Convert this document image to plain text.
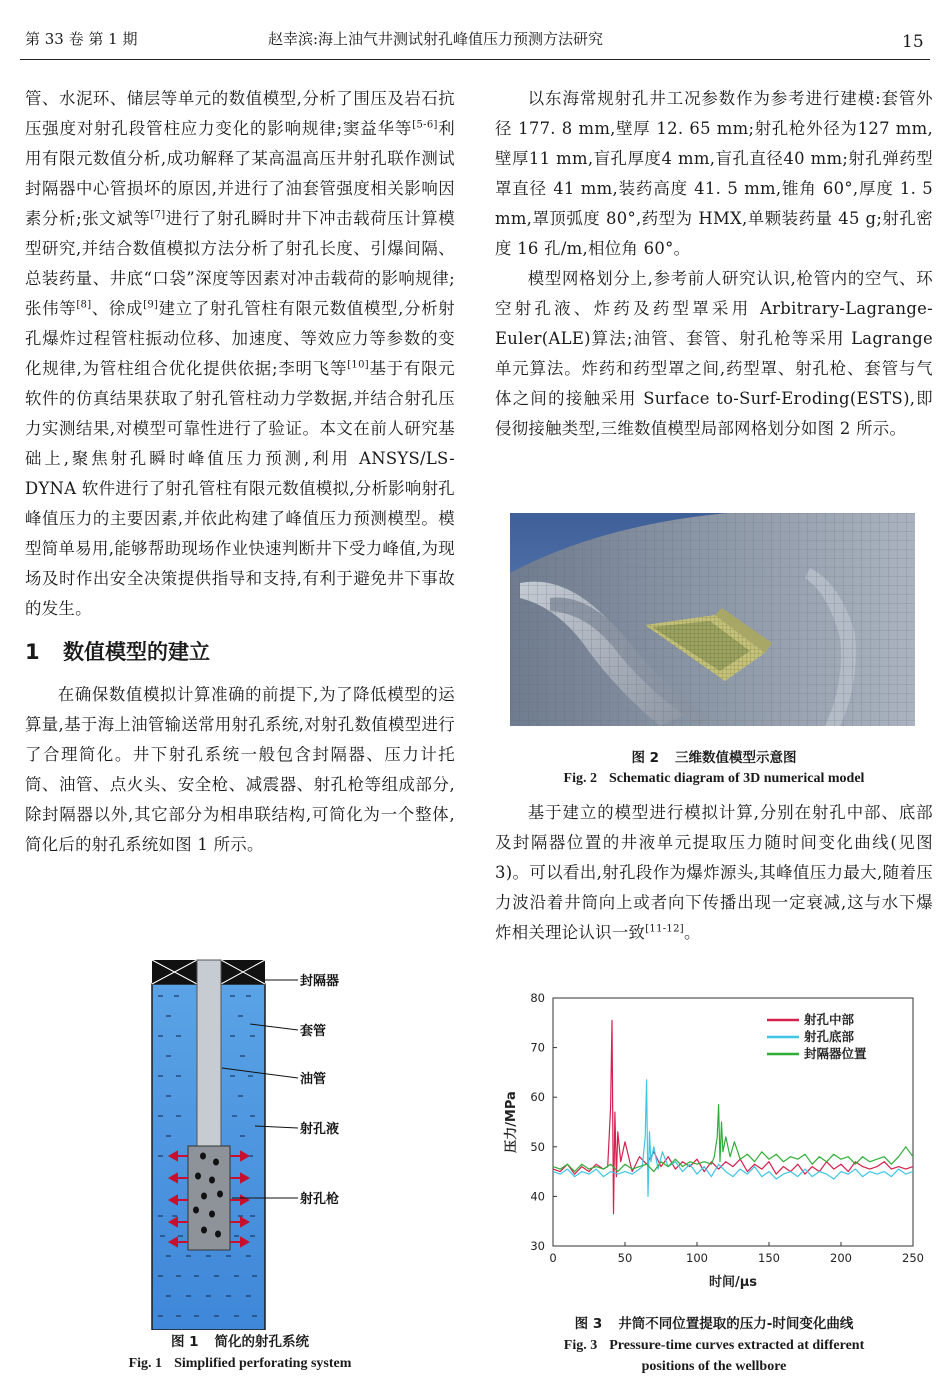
第 33 卷 第 1 期	赵幸滨:海上油气井测试射孔峰值压力预测方法研究	15

管、水泥环、储层等单元的数值模型,分析了围压及岩石抗压强度对射孔段管柱应力变化的影响规律;窦益华等[5-6]利用有限元数值分析,成功解释了某高温高压井射孔联作测试封隔器中心管损坏的原因,并进行了油套管强度相关影响因素分析;张文斌等[7]进行了射孔瞬时井下冲击载荷压计算模型研究,并结合数值模拟方法分析了射孔长度、引爆间隔、总装药量、井底“口袋”深度等因素对冲击载荷的影响规律;张伟等[8]、徐成[9]建立了射孔管柱有限元数值模型,分析射孔爆炸过程管柱振动位移、加速度、等效应力等参数的变化规律,为管柱组合优化提供依据;李明飞等[10]基于有限元软件的仿真结果获取了射孔管柱动力学数据,并结合射孔压力实测结果,对模型可靠性进行了验证。本文在前人研究基础上,聚焦射孔瞬时峰值压力预测,利用 ANSYS/LS-DYNA 软件进行了射孔管柱有限元数值模拟,分析影响射孔峰值压力的主要因素,并依此构建了峰值压力预测模型。模型简单易用,能够帮助现场作业快速判断井下受力峰值,为现场及时作出安全决策提供指导和支持,有利于避免井下事故的发生。

1 数值模型的建立

在确保数值模拟计算准确的前提下,为了降低模型的运算量,基于海上油管输送常用射孔系统,对射孔数值模型进行了合理简化。井下射孔系统一般包含封隔器、压力计托筒、油管、点火头、安全枪、减震器、射孔枪等组成部分,除封隔器以外,其它部分为相串联结构,可简化为一个整体,简化后的射孔系统如图 1 所示。

封隔器
套管
油管
射孔液
射孔枪
图 1 简化的射孔系统
Fig. 1 Simplified perforating system

以东海常规射孔井工况参数作为参考进行建模:套管外径 177. 8 mm,壁厚 12. 65 mm;射孔枪外径为127 mm,壁厚11 mm,盲孔厚度4 mm,盲孔直径40 mm;射孔弹药型罩直径 41 mm,装药高度 41. 5 mm,锥角 60°,厚度 1. 5 mm,罩顶弧度 80°,药型为 HMX,单颗装药量 45 g;射孔密度 16 孔/m,相位角 60°。

模型网格划分上,参考前人研究认识,枪管内的空气、环空射孔液、炸药及药型罩采用 Arbitrary-Lagrange-Euler(ALE)算法;油管、套管、射孔枪等采用 Lagrange 单元算法。炸药和药型罩之间,药型罩、射孔枪、套管与气体之间的接触采用 Surface to-Surf-Eroding(ESTS),即侵彻接触类型,三维数值模型局部网格划分如图 2 所示。

图 2 三维数值模型示意图
Fig. 2 Schematic diagram of 3D numerical model

基于建立的模型进行模拟计算,分别在射孔中部、底部及封隔器位置的井液单元提取压力随时间变化曲线(见图 3)。可以看出,射孔段作为爆炸源头,其峰值压力最大,随着压力波沿着井筒向上或者向下传播出现一定衰减,这与水下爆炸相关理论认识一致[11-12]。

0	50	100	150	200	250
30
40
50
60
70
80
时间/μs
压力/MPa
射孔中部
射孔底部
封隔器位置
图 3 井筒不同位置提取的压力-时间变化曲线
Fig. 3 Pressure-time curves extracted at different
positions of the wellbore
